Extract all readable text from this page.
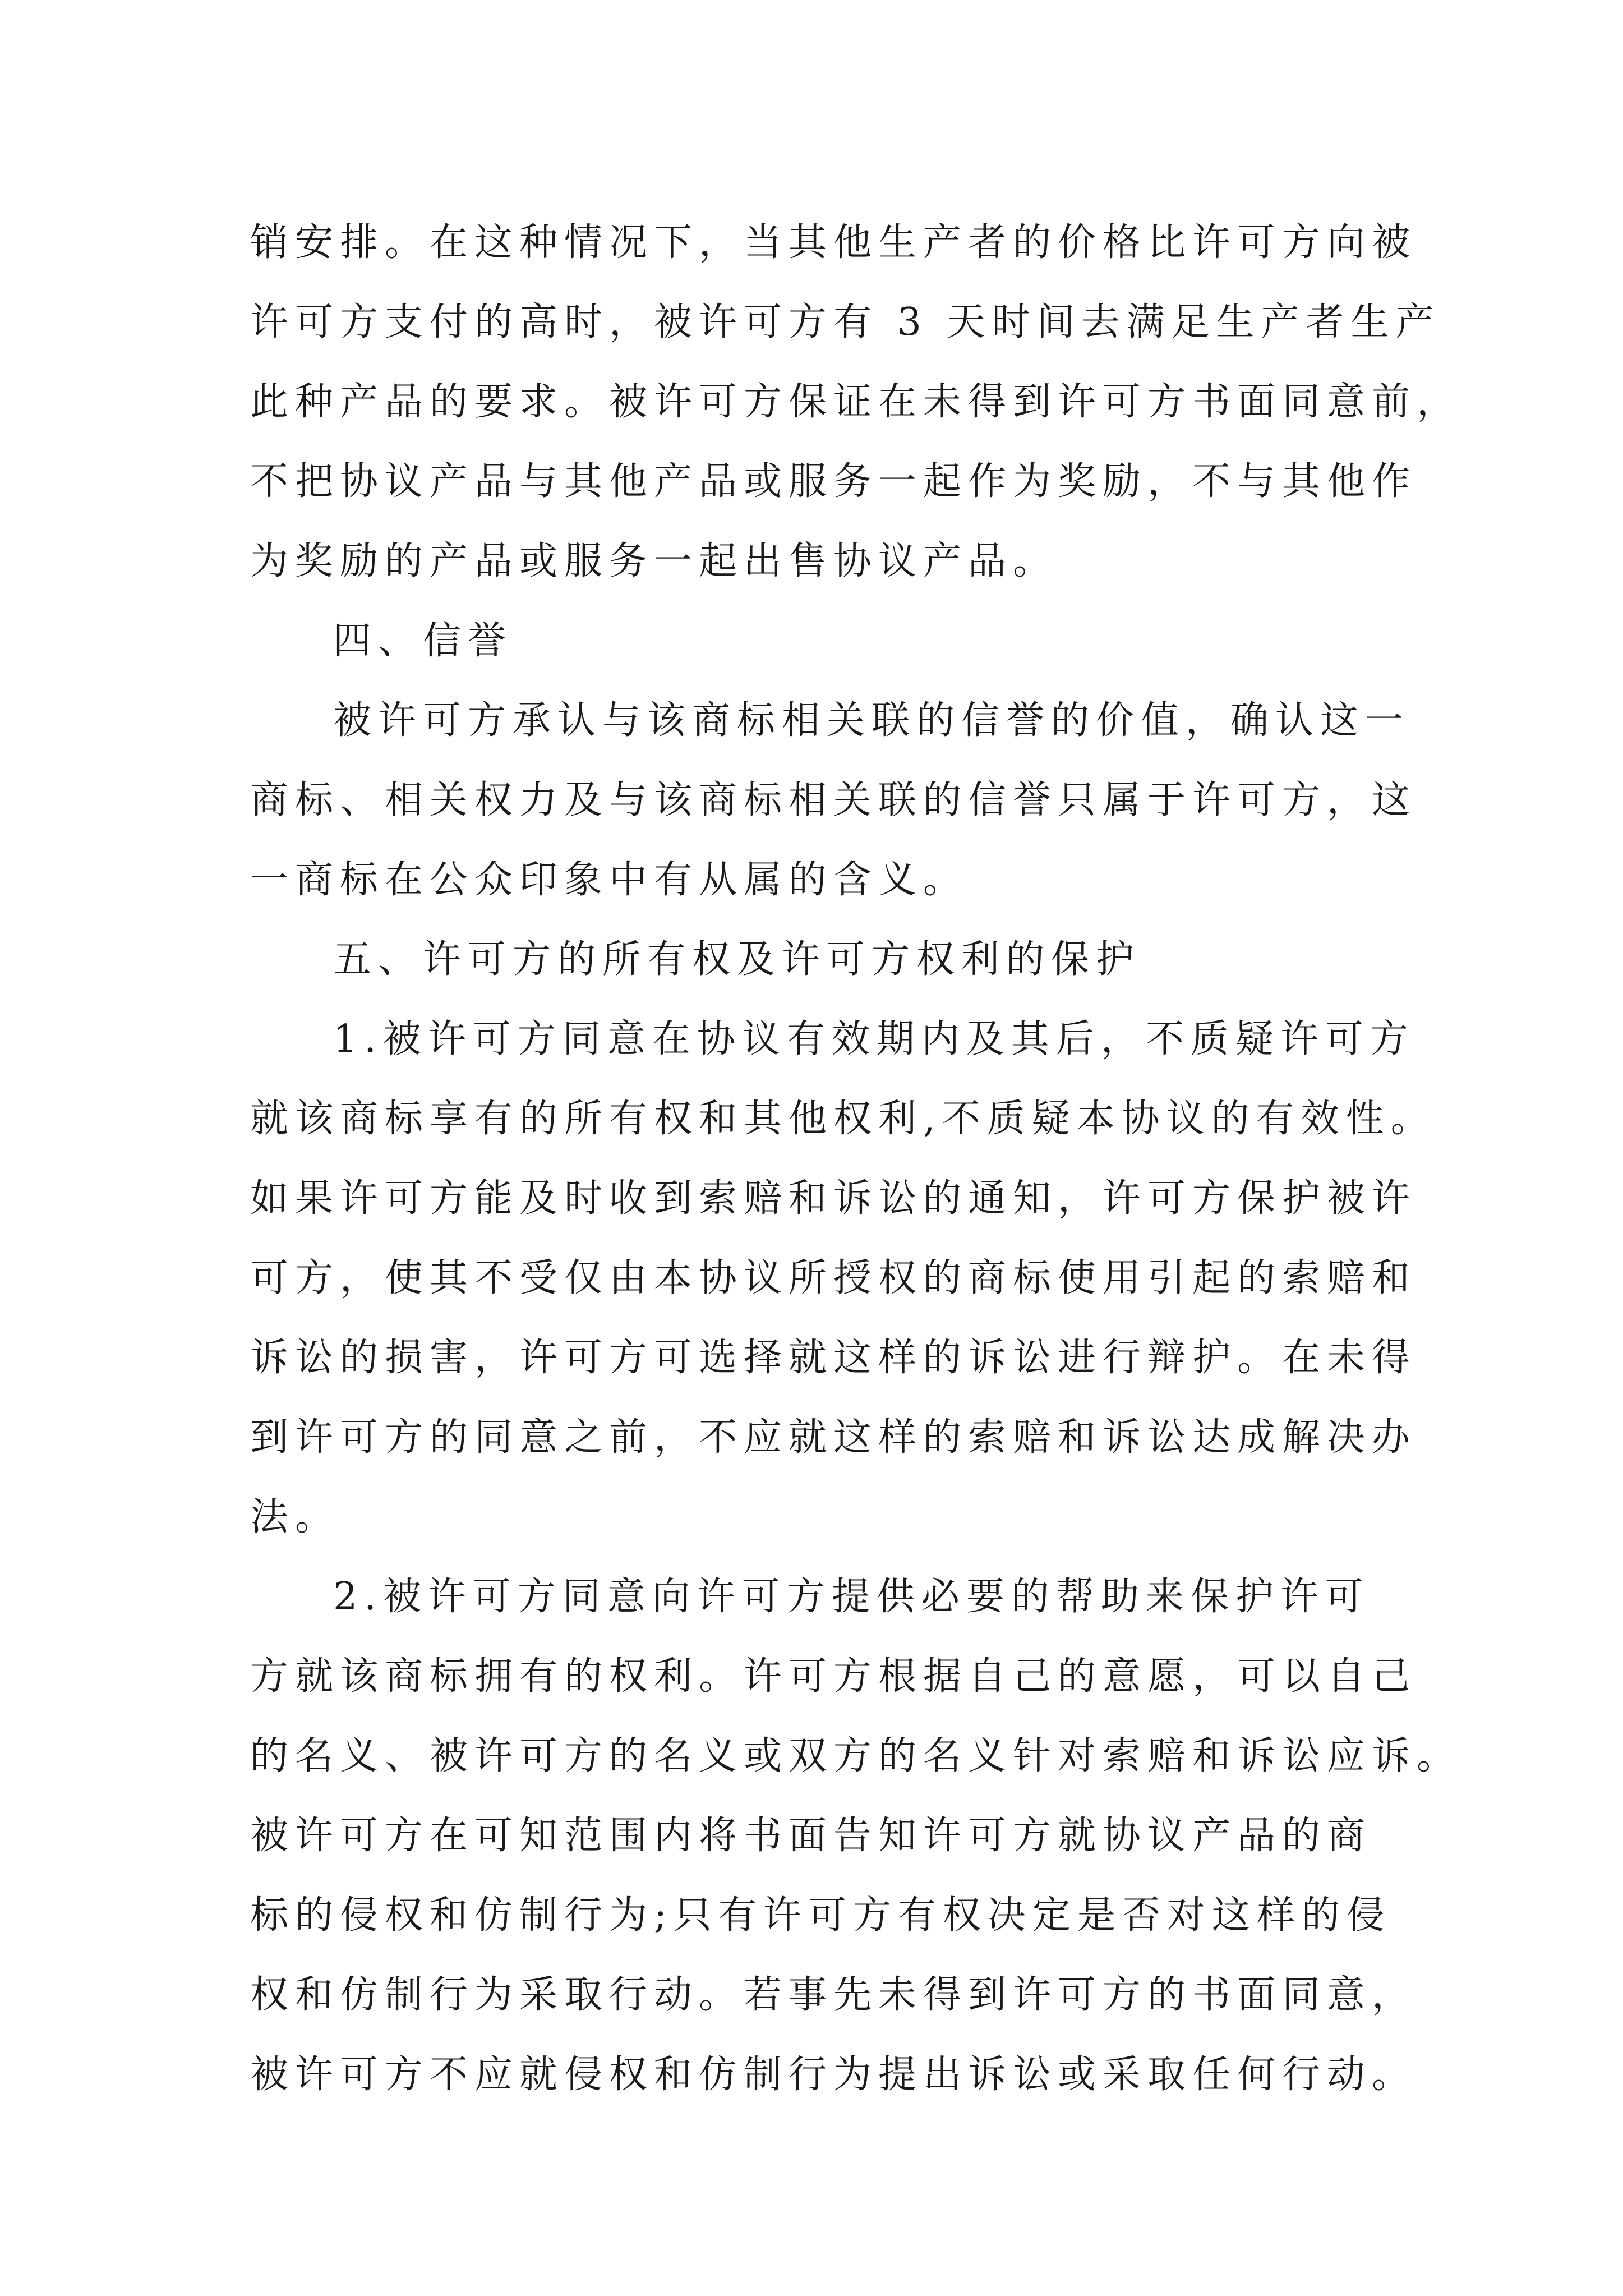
销安排。在这种情况下，当其他生产者的价格比许可方向被
许可方支付的高时，被许可方有 3 天时间去满足生产者生产
此种产品的要求。被许可方保证在未得到许可方书面同意前，
不把协议产品与其他产品或服务一起作为奖励，不与其他作
为奖励的产品或服务一起出售协议产品。
四、信誉
被许可方承认与该商标相关联的信誉的价值，确认这一
商标、相关权力及与该商标相关联的信誉只属于许可方，这
一商标在公众印象中有从属的含义。
五、许可方的所有权及许可方权利的保护
1.被许可方同意在协议有效期内及其后，不质疑许可方
就该商标享有的所有权和其他权利,不质疑本协议的有效性。
如果许可方能及时收到索赔和诉讼的通知，许可方保护被许
可方，使其不受仅由本协议所授权的商标使用引起的索赔和
诉讼的损害，许可方可选择就这样的诉讼进行辩护。在未得
到许可方的同意之前，不应就这样的索赔和诉讼达成解决办
法。
2.被许可方同意向许可方提供必要的帮助来保护许可
方就该商标拥有的权利。许可方根据自己的意愿，可以自己
的名义、被许可方的名义或双方的名义针对索赔和诉讼应诉。
被许可方在可知范围内将书面告知许可方就协议产品的商
标的侵权和仿制行为;只有许可方有权决定是否对这样的侵
权和仿制行为采取行动。若事先未得到许可方的书面同意，
被许可方不应就侵权和仿制行为提出诉讼或采取任何行动。
